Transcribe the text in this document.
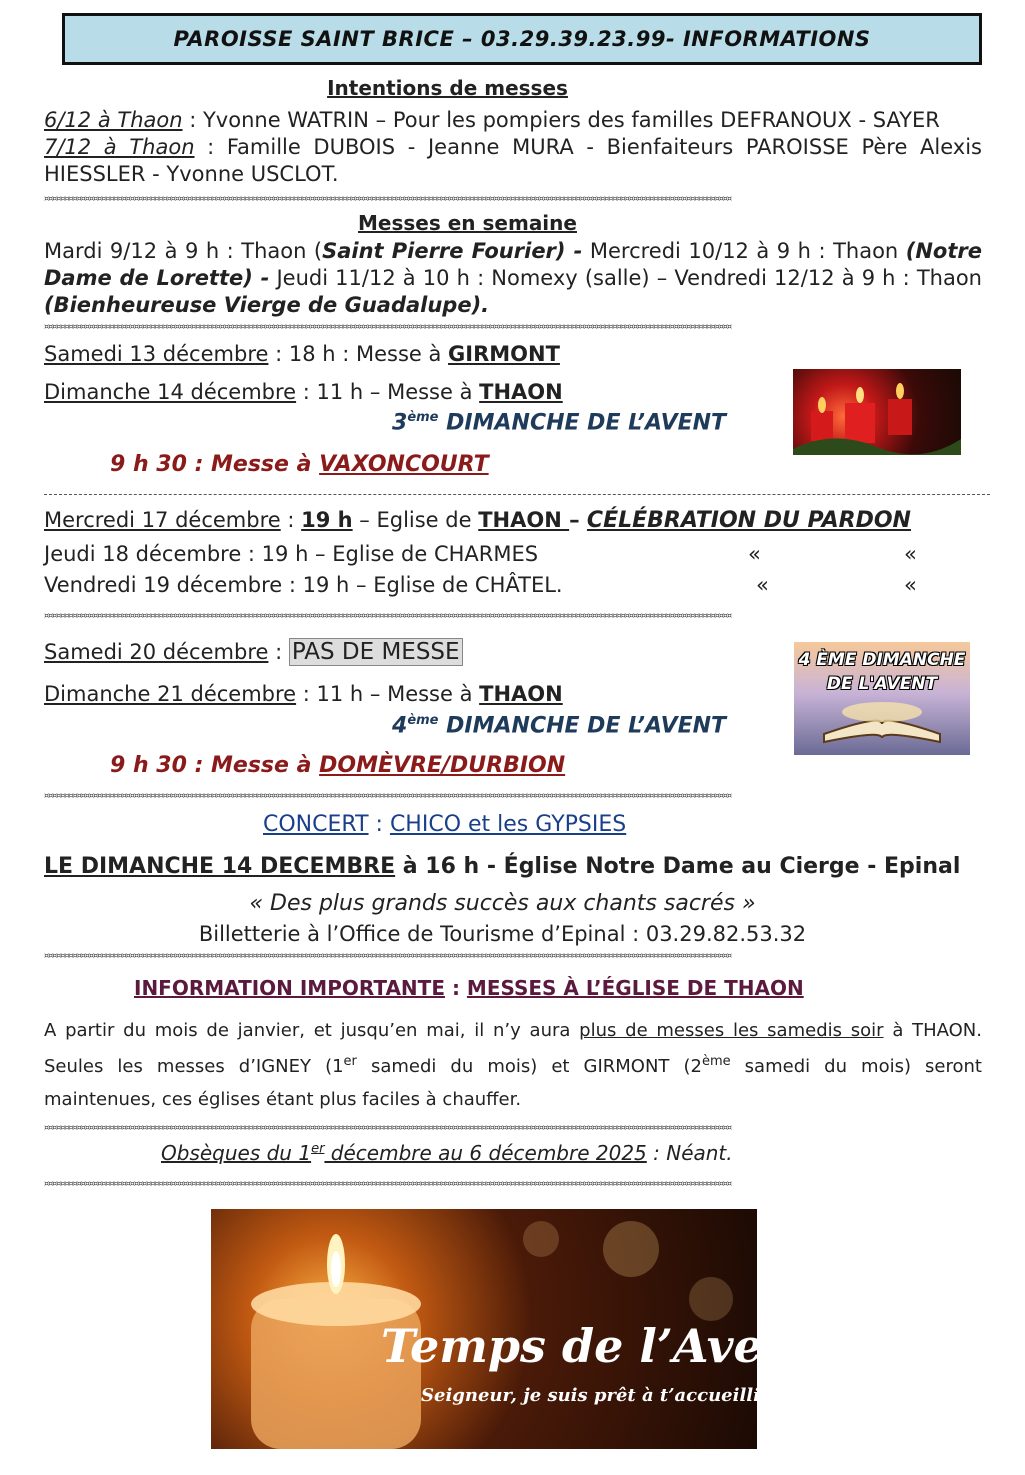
PAROISSE SAINT BRICE – 03.29.39.23.99- INFORMATIONS
Intentions de messes
6/12 à Thaon : Yvonne WATRIN – Pour les pompiers des familles DEFRANOUX - SAYER
7/12 à Thaon : Famille DUBOIS - Jeanne MURA - Bienfaiteurs PAROISSE Père Alexis
HIESSLER - Yvonne USCLOT.
¤¤¤¤¤¤¤¤¤¤¤¤¤¤¤¤¤¤¤¤¤¤¤¤¤¤¤¤¤¤¤¤¤¤¤¤¤¤¤¤¤¤¤¤¤¤¤¤¤¤¤¤¤¤¤¤¤¤¤¤¤¤¤¤¤¤¤¤¤¤¤¤¤¤¤¤¤¤¤¤¤¤¤¤¤¤¤¤¤¤¤¤¤¤¤¤¤¤¤¤¤¤¤¤¤¤¤¤¤¤¤¤¤¤¤¤¤¤¤¤¤¤¤¤¤¤¤¤¤¤¤¤¤¤¤¤¤¤¤¤¤¤¤¤¤¤¤¤¤¤¤¤¤¤¤¤¤¤¤¤¤¤¤¤¤¤¤¤
Messes en semaine
Mardi 9/12 à 9 h : Thaon (Saint Pierre Fourier) - Mercredi 10/12 à 9 h : Thaon (Notre
Dame de Lorette) - Jeudi 11/12 à 10 h : Nomexy (salle) – Vendredi 12/12 à 9 h : Thaon
(Bienheureuse Vierge de Guadalupe).
¤¤¤¤¤¤¤¤¤¤¤¤¤¤¤¤¤¤¤¤¤¤¤¤¤¤¤¤¤¤¤¤¤¤¤¤¤¤¤¤¤¤¤¤¤¤¤¤¤¤¤¤¤¤¤¤¤¤¤¤¤¤¤¤¤¤¤¤¤¤¤¤¤¤¤¤¤¤¤¤¤¤¤¤¤¤¤¤¤¤¤¤¤¤¤¤¤¤¤¤¤¤¤¤¤¤¤¤¤¤¤¤¤¤¤¤¤¤¤¤¤¤¤¤¤¤¤¤¤¤¤¤¤¤¤¤¤¤¤¤¤¤¤¤¤¤¤¤¤¤¤¤¤¤¤¤¤¤¤¤¤¤¤¤¤¤¤¤
Samedi 13 décembre : 18 h : Messe à GIRMONT
Dimanche 14 décembre : 11 h – Messe à THAON
3ème DIMANCHE DE L’AVENT
9 h 30 : Messe à VAXONCOURT
Mercredi 17 décembre : 19 h – Eglise de THAON – CÉLÉBRATION DU PARDON
Jeudi 18 décembre : 19 h – Eglise de CHARMES	«	«
Vendredi 19 décembre : 19 h – Eglise de CHÂTEL.	«	«
¤¤¤¤¤¤¤¤¤¤¤¤¤¤¤¤¤¤¤¤¤¤¤¤¤¤¤¤¤¤¤¤¤¤¤¤¤¤¤¤¤¤¤¤¤¤¤¤¤¤¤¤¤¤¤¤¤¤¤¤¤¤¤¤¤¤¤¤¤¤¤¤¤¤¤¤¤¤¤¤¤¤¤¤¤¤¤¤¤¤¤¤¤¤¤¤¤¤¤¤¤¤¤¤¤¤¤¤¤¤¤¤¤¤¤¤¤¤¤¤¤¤¤¤¤¤¤¤¤¤¤¤¤¤¤¤¤¤¤¤¤¤¤¤¤¤¤¤¤¤¤¤¤¤¤¤¤¤¤¤¤¤¤¤¤¤¤¤
Samedi 20 décembre : PAS DE MESSE
Dimanche 21 décembre : 11 h – Messe à THAON
4ème DIMANCHE DE L’AVENT
4 ÈME DIMANCHE
DE L'AVENT
9 h 30 : Messe à DOMÈVRE/DURBION
¤¤¤¤¤¤¤¤¤¤¤¤¤¤¤¤¤¤¤¤¤¤¤¤¤¤¤¤¤¤¤¤¤¤¤¤¤¤¤¤¤¤¤¤¤¤¤¤¤¤¤¤¤¤¤¤¤¤¤¤¤¤¤¤¤¤¤¤¤¤¤¤¤¤¤¤¤¤¤¤¤¤¤¤¤¤¤¤¤¤¤¤¤¤¤¤¤¤¤¤¤¤¤¤¤¤¤¤¤¤¤¤¤¤¤¤¤¤¤¤¤¤¤¤¤¤¤¤¤¤¤¤¤¤¤¤¤¤¤¤¤¤¤¤¤¤¤¤¤¤¤¤¤¤¤¤¤¤¤¤¤¤¤¤¤¤¤¤
CONCERT : CHICO et les GYPSIES
LE DIMANCHE 14 DECEMBRE à 16 h - Église Notre Dame au Cierge - Epinal
« Des plus grands succès aux chants sacrés »
Billetterie à l’Office de Tourisme d’Epinal : 03.29.82.53.32
¤¤¤¤¤¤¤¤¤¤¤¤¤¤¤¤¤¤¤¤¤¤¤¤¤¤¤¤¤¤¤¤¤¤¤¤¤¤¤¤¤¤¤¤¤¤¤¤¤¤¤¤¤¤¤¤¤¤¤¤¤¤¤¤¤¤¤¤¤¤¤¤¤¤¤¤¤¤¤¤¤¤¤¤¤¤¤¤¤¤¤¤¤¤¤¤¤¤¤¤¤¤¤¤¤¤¤¤¤¤¤¤¤¤¤¤¤¤¤¤¤¤¤¤¤¤¤¤¤¤¤¤¤¤¤¤¤¤¤¤¤¤¤¤¤¤¤¤¤¤¤¤¤¤¤¤¤¤¤¤¤¤¤¤¤¤¤¤
INFORMATION IMPORTANTE : MESSES À L’ÉGLISE DE THAON
A partir du mois de janvier, et jusqu’en mai, il n’y aura plus de messes les samedis soir à THAON.
Seules les messes d’IGNEY (1er samedi du mois) et GIRMONT (2ème samedi du mois) seront
maintenues, ces églises étant plus faciles à chauffer.
¤¤¤¤¤¤¤¤¤¤¤¤¤¤¤¤¤¤¤¤¤¤¤¤¤¤¤¤¤¤¤¤¤¤¤¤¤¤¤¤¤¤¤¤¤¤¤¤¤¤¤¤¤¤¤¤¤¤¤¤¤¤¤¤¤¤¤¤¤¤¤¤¤¤¤¤¤¤¤¤¤¤¤¤¤¤¤¤¤¤¤¤¤¤¤¤¤¤¤¤¤¤¤¤¤¤¤¤¤¤¤¤¤¤¤¤¤¤¤¤¤¤¤¤¤¤¤¤¤¤¤¤¤¤¤¤¤¤¤¤¤¤¤¤¤¤¤¤¤¤¤¤¤¤¤¤¤¤¤¤¤¤¤¤¤¤¤¤
Obsèques du 1er décembre au 6 décembre 2025 : Néant.
¤¤¤¤¤¤¤¤¤¤¤¤¤¤¤¤¤¤¤¤¤¤¤¤¤¤¤¤¤¤¤¤¤¤¤¤¤¤¤¤¤¤¤¤¤¤¤¤¤¤¤¤¤¤¤¤¤¤¤¤¤¤¤¤¤¤¤¤¤¤¤¤¤¤¤¤¤¤¤¤¤¤¤¤¤¤¤¤¤¤¤¤¤¤¤¤¤¤¤¤¤¤¤¤¤¤¤¤¤¤¤¤¤¤¤¤¤¤¤¤¤¤¤¤¤¤¤¤¤¤¤¤¤¤¤¤¤¤¤¤¤¤¤¤¤¤¤¤¤¤¤¤¤¤¤¤¤¤¤¤¤¤¤¤¤¤¤¤
Temps de l’Avent
Seigneur, je suis prêt à t’accueillir !
